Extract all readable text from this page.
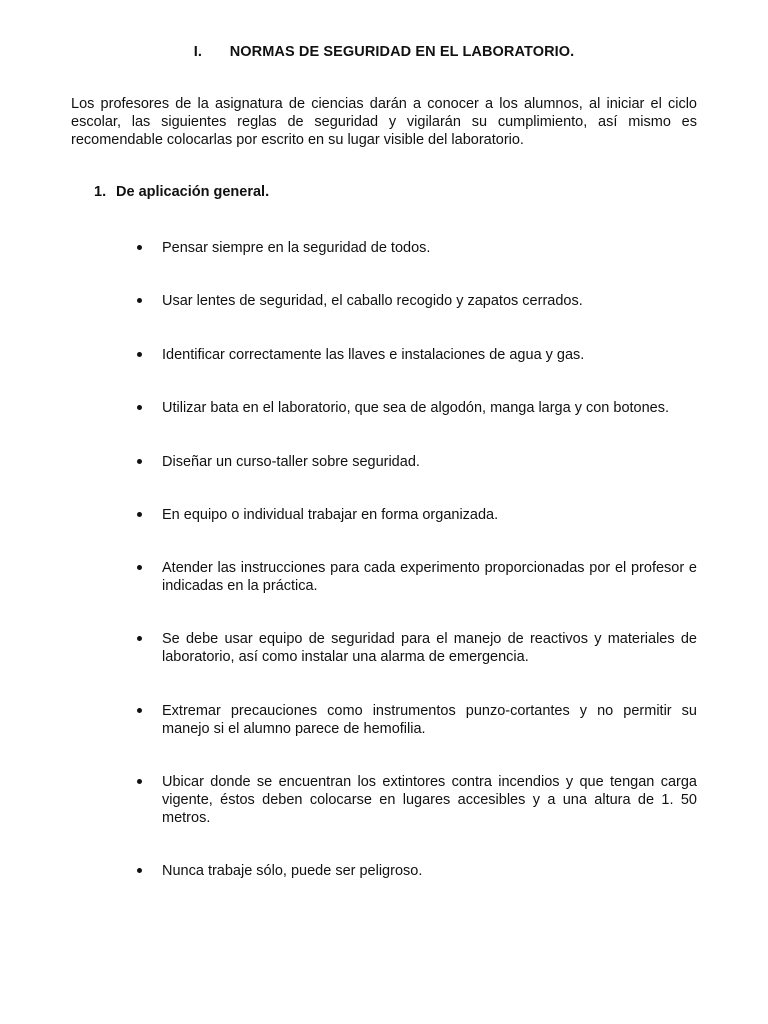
I. NORMAS DE SEGURIDAD EN EL LABORATORIO.
Los profesores de la asignatura de ciencias darán a conocer a los alumnos, al iniciar el ciclo escolar, las siguientes reglas de seguridad y vigilarán su cumplimiento, así mismo es recomendable colocarlas por escrito en su lugar visible del laboratorio.
1. De aplicación general.
Pensar siempre en la seguridad de todos.
Usar lentes de seguridad, el caballo recogido y zapatos cerrados.
Identificar correctamente las llaves e instalaciones de agua y gas.
Utilizar bata en el laboratorio, que sea de algodón, manga larga y con botones.
Diseñar un curso-taller sobre seguridad.
En equipo o individual trabajar en forma organizada.
Atender las instrucciones para cada experimento proporcionadas por el profesor e indicadas en la práctica.
Se debe usar equipo de seguridad para el manejo de reactivos y materiales de laboratorio, así como instalar una alarma de emergencia.
Extremar precauciones como instrumentos punzo-cortantes y no permitir su manejo si el alumno parece de hemofilia.
Ubicar donde se encuentran los extintores contra incendios y que tengan carga vigente, éstos deben colocarse en lugares accesibles y a una altura de 1. 50 metros.
Nunca trabaje sólo, puede ser peligroso.
